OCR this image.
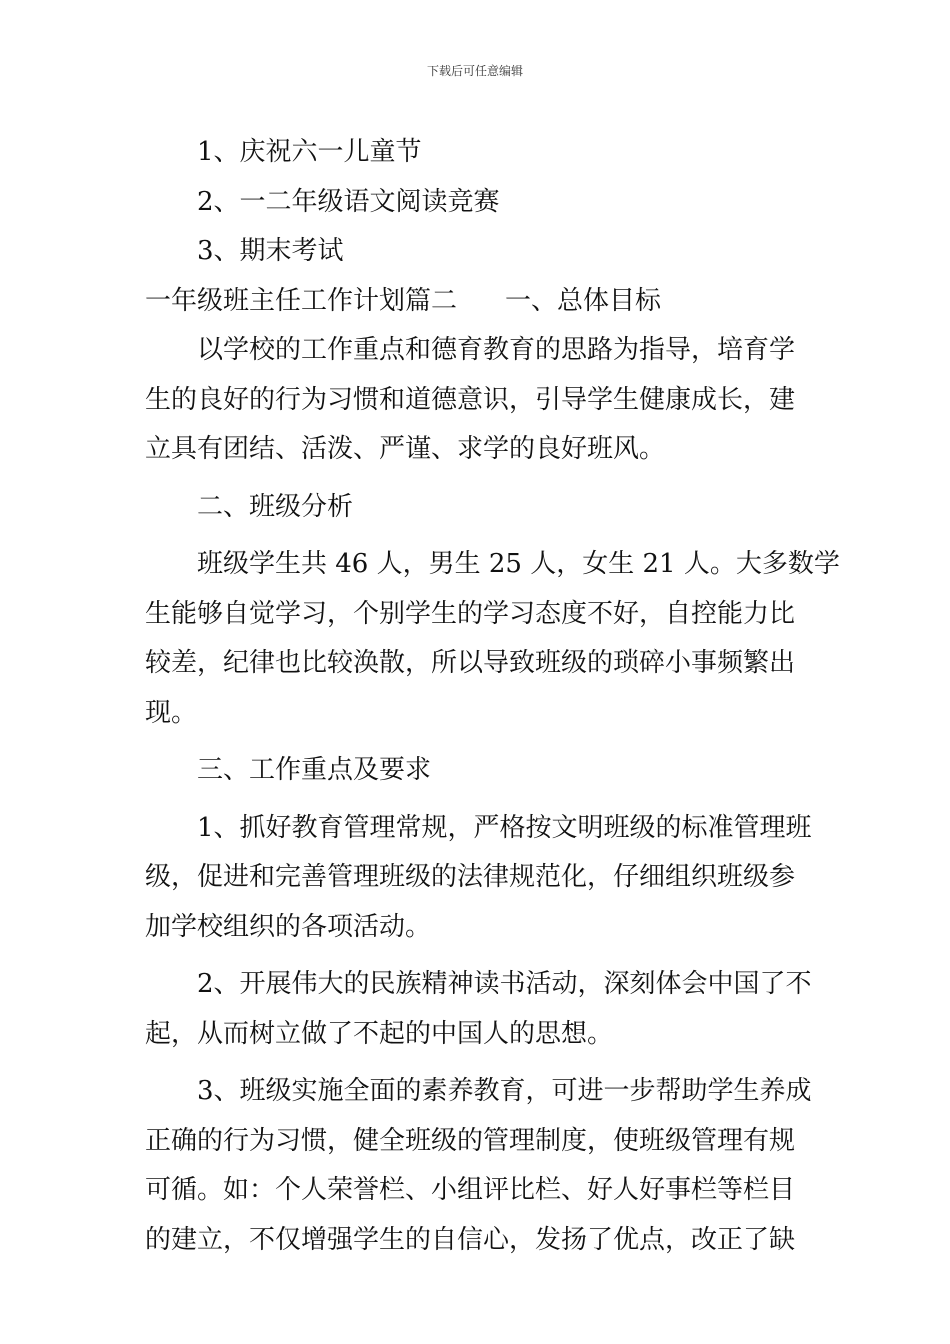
下载后可任意编辑
1、庆祝六一儿童节
2、一二年级语文阅读竞赛
3、期末考试
一年级班主任工作计划篇二 一、总体目标
以学校的工作重点和德育教育的思路为指导，培育学
生的良好的行为习惯和道德意识，引导学生健康成长，建
立具有团结、活泼、严谨、求学的良好班风。
二、班级分析
班级学生共 46 人，男生 25 人，女生 21 人。大多数学
生能够自觉学习，个别学生的学习态度不好，自控能力比
较差，纪律也比较涣散，所以导致班级的琐碎小事频繁出
现。
三、工作重点及要求
1、抓好教育管理常规，严格按文明班级的标准管理班
级，促进和完善管理班级的法律规范化，仔细组织班级参
加学校组织的各项活动。
2、开展伟大的民族精神读书活动，深刻体会中国了不
起，从而树立做了不起的中国人的思想。
3、班级实施全面的素养教育，可进一步帮助学生养成
正确的行为习惯，健全班级的管理制度，使班级管理有规
可循。如：个人荣誉栏、小组评比栏、好人好事栏等栏目
的建立，不仅增强学生的自信心，发扬了优点，改正了缺
